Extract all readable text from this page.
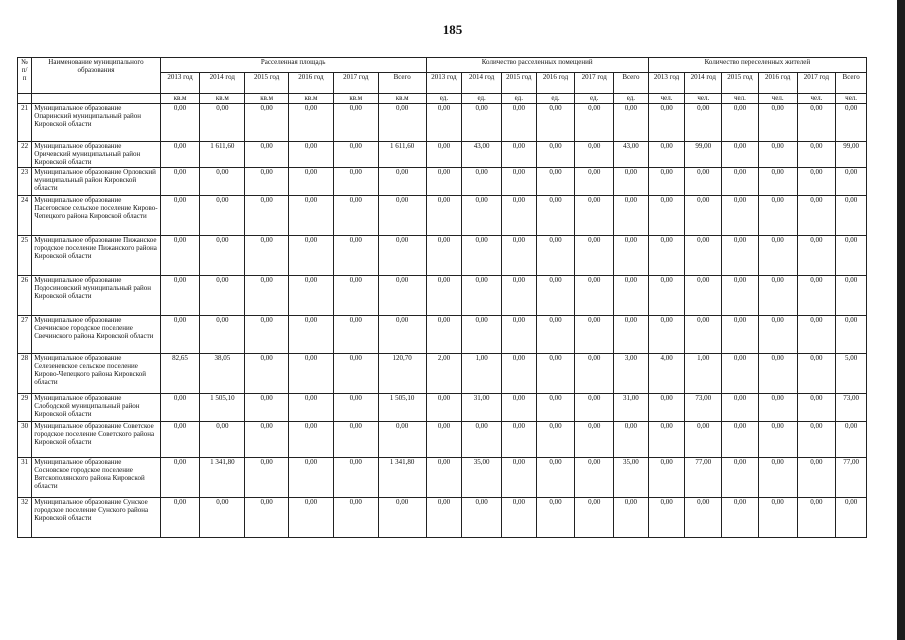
185
№ п/п	Наименование муниципального образования	Расселенная площадь						Количество расселенных помещений						Количество переселенных жителей					
		2013 год	2014 год	2015 год	2016 год	2017 год	Всего	2013 год	2014 год	2015 год	2016 год	2017 год	Всего	2013 год	2014 год	2015 год	2016 год	2017 год	Всего
		кв.м	кв.м	кв.м	кв.м	кв.м	кв.м	ед.	ед.	ед.	ед.	ед.	ед.	чел.	чел.	чел.	чел.	чел.	чел.
21	Муниципальное образование Опаринский муниципальный район Кировской области	0,00	0,00	0,00	0,00	0,00	0,00	0,00	0,00	0,00	0,00	0,00	0,00	0,00	0,00	0,00	0,00	0,00	0,00
22	Муниципальное образование Оричевский муниципальный район Кировской области	0,00	1 611,60	0,00	0,00	0,00	1 611,60	0,00	43,00	0,00	0,00	0,00	43,00	0,00	99,00	0,00	0,00	0,00	99,00
23	Муниципальное образование Орловский муниципальный район Кировской области	0,00	0,00	0,00	0,00	0,00	0,00	0,00	0,00	0,00	0,00	0,00	0,00	0,00	0,00	0,00	0,00	0,00	0,00
24	Муниципальное образование Пасеговское сельское поселение Кирово-Чепецкого района Кировской области	0,00	0,00	0,00	0,00	0,00	0,00	0,00	0,00	0,00	0,00	0,00	0,00	0,00	0,00	0,00	0,00	0,00	0,00
25	Муниципальное образование Пижанское городское поселение Пижанского района Кировской области	0,00	0,00	0,00	0,00	0,00	0,00	0,00	0,00	0,00	0,00	0,00	0,00	0,00	0,00	0,00	0,00	0,00	0,00
26	Муниципальное образование Подосиновский муниципальный район Кировской области	0,00	0,00	0,00	0,00	0,00	0,00	0,00	0,00	0,00	0,00	0,00	0,00	0,00	0,00	0,00	0,00	0,00	0,00
27	Муниципальное образование Свечинское городское поселение Свечинского района Кировской области	0,00	0,00	0,00	0,00	0,00	0,00	0,00	0,00	0,00	0,00	0,00	0,00	0,00	0,00	0,00	0,00	0,00	0,00
28	Муниципальное образование Селезеневское сельское поселение Кирово-Чепецкого района Кировской области	82,65	38,05	0,00	0,00	0,00	120,70	2,00	1,00	0,00	0,00	0,00	3,00	4,00	1,00	0,00	0,00	0,00	5,00
29	Муниципальное образование Слободской муниципальный район Кировской области	0,00	1 505,10	0,00	0,00	0,00	1 505,10	0,00	31,00	0,00	0,00	0,00	31,00	0,00	73,00	0,00	0,00	0,00	73,00
30	Муниципальное образование Советское городское поселение Советского района Кировской области	0,00	0,00	0,00	0,00	0,00	0,00	0,00	0,00	0,00	0,00	0,00	0,00	0,00	0,00	0,00	0,00	0,00	0,00
31	Муниципальное образование Сосновское городское поселение Вятскополянского района Кировской области	0,00	1 341,80	0,00	0,00	0,00	1 341,80	0,00	35,00	0,00	0,00	0,00	35,00	0,00	77,00	0,00	0,00	0,00	77,00
32	Муниципальное образование Сунское городское поселение Сунского района Кировской области	0,00	0,00	0,00	0,00	0,00	0,00	0,00	0,00	0,00	0,00	0,00	0,00	0,00	0,00	0,00	0,00	0,00	0,00
